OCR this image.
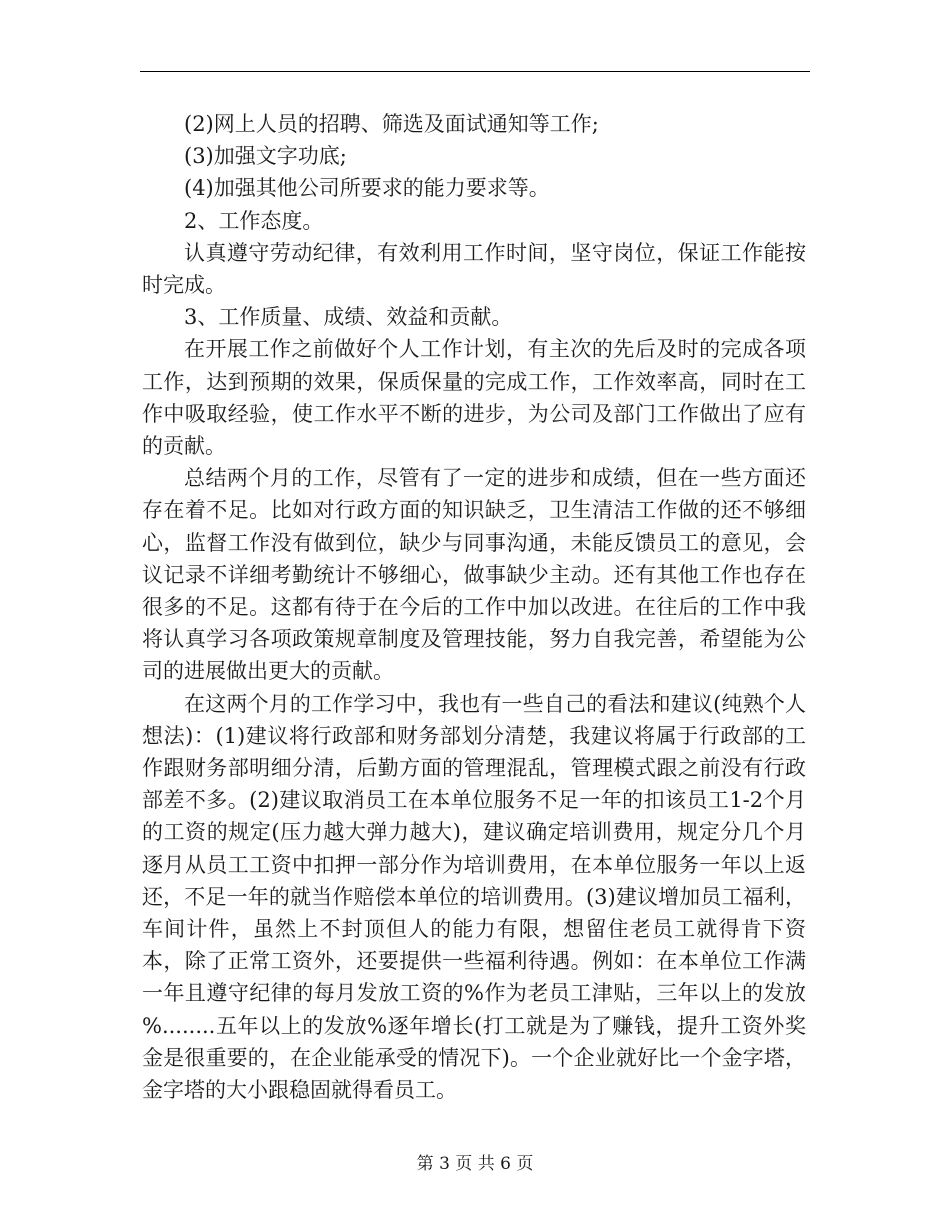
(2)网上人员的招聘、筛选及面试通知等工作;

(3)加强文字功底;

(4)加强其他公司所要求的能力要求等。

2、工作态度。

认真遵守劳动纪律，有效利用工作时间，坚守岗位，保证工作能按时完成。

3、工作质量、成绩、效益和贡献。

在开展工作之前做好个人工作计划，有主次的先后及时的完成各项工作，达到预期的效果，保质保量的完成工作，工作效率高，同时在工作中吸取经验，使工作水平不断的进步，为公司及部门工作做出了应有的贡献。

总结两个月的工作，尽管有了一定的进步和成绩，但在一些方面还存在着不足。比如对行政方面的知识缺乏，卫生清洁工作做的还不够细心，监督工作没有做到位，缺少与同事沟通，未能反馈员工的意见，会议记录不详细考勤统计不够细心，做事缺少主动。还有其他工作也存在很多的不足。这都有待于在今后的工作中加以改进。在往后的工作中我将认真学习各项政策规章制度及管理技能，努力自我完善，希望能为公司的进展做出更大的贡献。

在这两个月的工作学习中，我也有一些自己的看法和建议(纯熟个人想法)：(1)建议将行政部和财务部划分清楚，我建议将属于行政部的工作跟财务部明细分清，后勤方面的管理混乱，管理模式跟之前没有行政部差不多。(2)建议取消员工在本单位服务不足一年的扣该员工1-2个月的工资的规定(压力越大弹力越大)，建议确定培训费用，规定分几个月逐月从员工工资中扣押一部分作为培训费用，在本单位服务一年以上返还，不足一年的就当作赔偿本单位的培训费用。(3)建议增加员工福利，车间计件，虽然上不封顶但人的能力有限，想留住老员工就得肯下资本，除了正常工资外，还要提供一些福利待遇。例如：在本单位工作满一年且遵守纪律的每月发放工资的%作为老员工津贴，三年以上的发放 %........五年以上的发放%逐年增长(打工就是为了赚钱，提升工资外奖金是很重要的，在企业能承受的情况下)。一个企业就好比一个金字塔，金字塔的大小跟稳固就得看员工。

第 3 页 共 6 页
